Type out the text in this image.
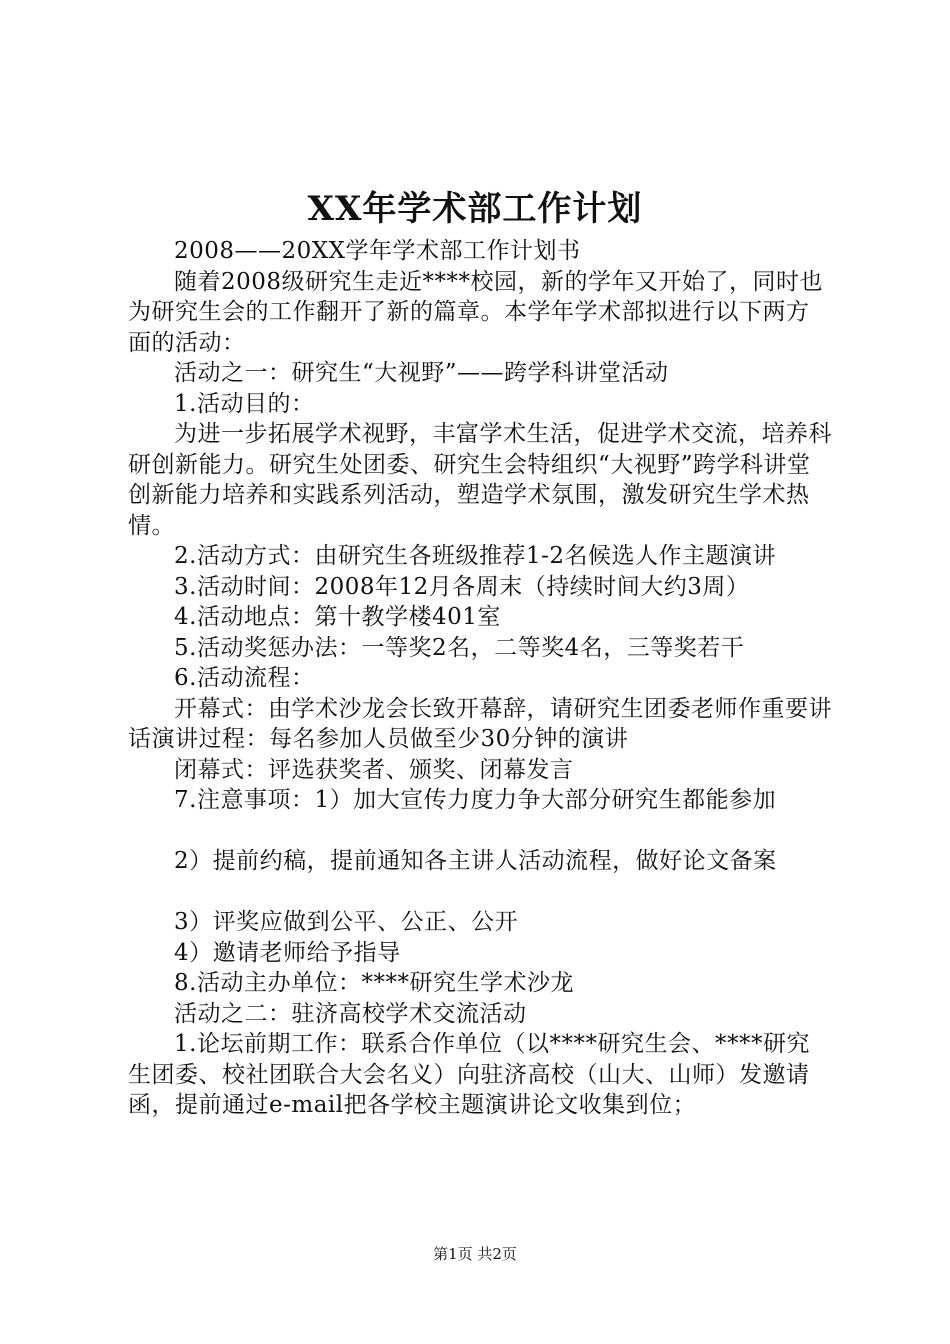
XX年学术部工作计划

2008——20XX学年学术部工作计划书

随着2008级研究生走近****校园，新的学年又开始了，同时也为研究生会的工作翻开了新的篇章。本学年学术部拟进行以下两方面的活动：

活动之一：研究生“大视野”——跨学科讲堂活动

1.活动目的：

为进一步拓展学术视野，丰富学术生活，促进学术交流，培养科研创新能力。研究生处团委、研究生会特组织“大视野”跨学科讲堂创新能力培养和实践系列活动，塑造学术氛围，激发研究生学术热情。

2.活动方式：由研究生各班级推荐1-2名候选人作主题演讲

3.活动时间：2008年12月各周末（持续时间大约3周）

4.活动地点：第十教学楼401室

5.活动奖惩办法：一等奖2名，二等奖4名，三等奖若干

6.活动流程：

开幕式：由学术沙龙会长致开幕辞，请研究生团委老师作重要讲话演讲过程：每名参加人员做至少30分钟的演讲

闭幕式：评选获奖者、颁奖、闭幕发言

7.注意事项：1）加大宣传力度力争大部分研究生都能参加

2）提前约稿，提前通知各主讲人活动流程，做好论文备案

3）评奖应做到公平、公正、公开

4）邀请老师给予指导

8.活动主办单位：****研究生学术沙龙

活动之二：驻济高校学术交流活动

1.论坛前期工作：联系合作单位（以****研究生会、****研究生团委、校社团联合大会名义）向驻济高校（山大、山师）发邀请函，提前通过e-mail把各学校主题演讲论文收集到位；

第1页 共2页
